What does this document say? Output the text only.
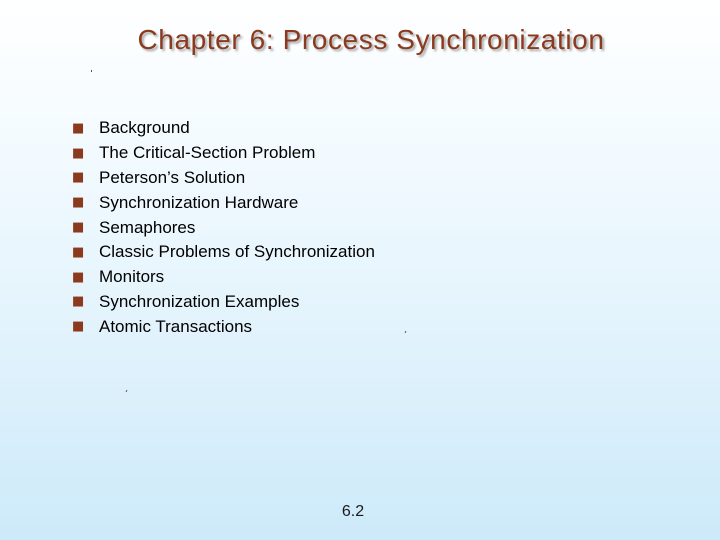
Chapter 6: Process Synchronization
■
Background
■
The Critical-Section Problem
■
Peterson’s Solution
■
Synchronization Hardware
■
Semaphores
■
Classic Problems of Synchronization
■
Monitors
■
Synchronization Examples
■
Atomic Transactions
6.2
